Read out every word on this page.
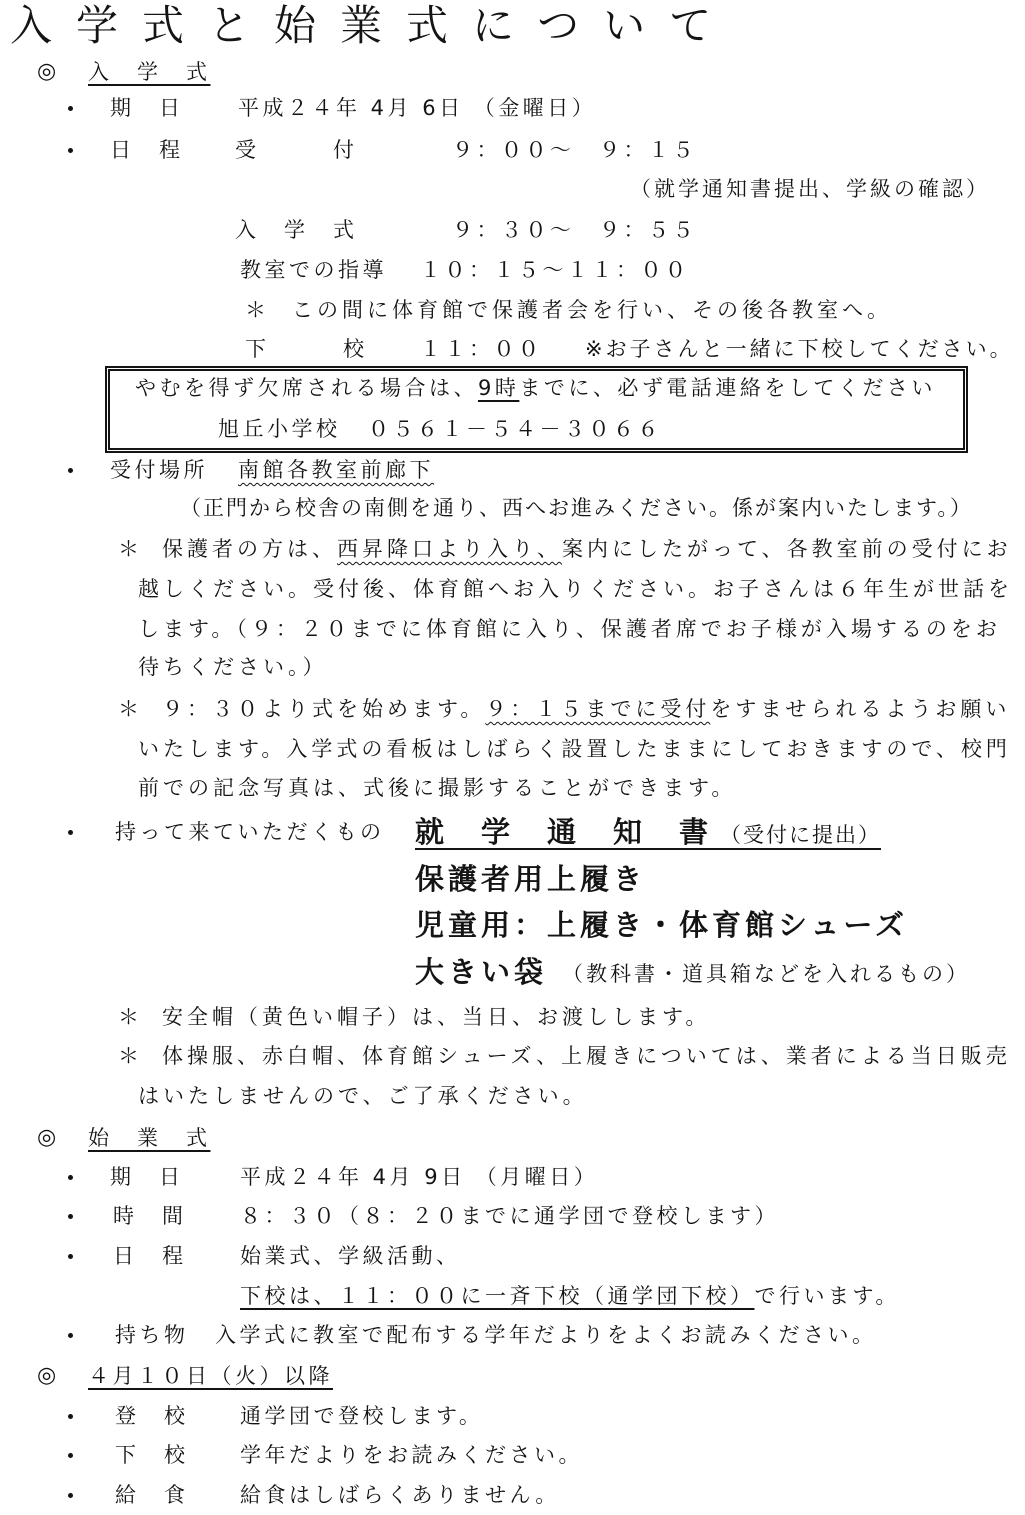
入学式と始業式について
◎ 入　学　式
期　日	平成２４年 4月 6日 （金曜日）
日　程 受　　　付	９：００～　９：１５
（就学通知書提出、学級の確認）
入　学　式	９：３０～　９：５５
教室での指導 １０：１５～１１：００
＊ この間に体育館で保護者会を行い、その後各教室へ。
下　　　校	１１：００ ※お子さんと一緒に下校してください。
やむを得ず欠席される場合は、9時までに、必ず電話連絡をしてください
旭丘小学校 ０５６１－５４－３０６６
受付場所 南館各教室前廊下
（正門から校舎の南側を通り、西へお進みください。係が案内いたします。）
＊ 保護者の方は、西昇降口より入り、案内にしたがって、各教室前の受付にお
越しください。受付後、体育館へお入りください。お子さんは６年生が世話を
します。（９：２０までに体育館に入り、保護者席でお子様が入場するのをお
待ちください。）
＊ ９：３０より式を始めます。９：１５までに受付をすませられるようお願い
いたします。入学式の看板はしばらく設置したままにしておきますので、校門
前での記念写真は、式後に撮影することができます。
持って来ていただくもの 就　学　通　知　書 （受付に提出）
保護者用上履き
児童用：上履き・体育館シューズ
大きい袋 （教科書・道具箱などを入れるもの）
＊ 安全帽（黄色い帽子）は、当日、お渡しします。
＊ 体操服、赤白帽、体育館シューズ、上履きについては、業者による当日販売
はいたしませんので、ご了承ください。
◎ 始　業　式
期　日	平成２４年 4月 9日 （月曜日）
時　間	８：３０（８：２０までに通学団で登校します）
日　程	始業式、学級活動、
下校は、１１：００に一斉下校（通学団下校）で行います。
持ち物 入学式に教室で配布する学年だよりをよくお読みください。
◎ ４月１０日（火）以降
登　校 通学団で登校します。
下　校 学年だよりをお読みください。
給　食 給食はしばらくありません。
